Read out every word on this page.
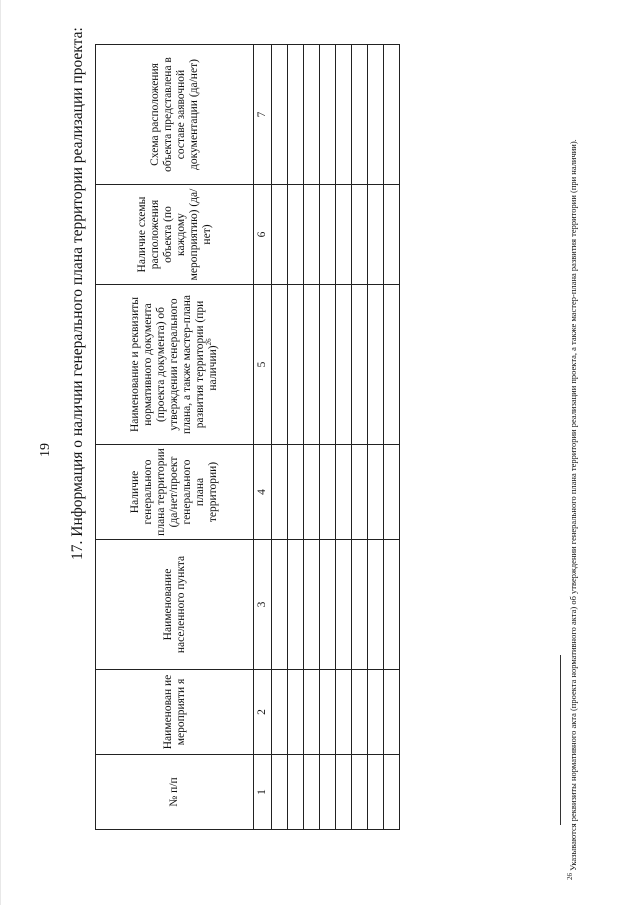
19 17. Информация о наличии генерального плана территории реализации проекта:
№ п/п	Наименован ие мероприяти я	Наименование населенного пункта	Наличие генерального плана территории (да/нет/проект генерального плана территории)	Наименование и реквизиты нормативного документа (проекта документа) об утверждении генерального плана, а также мастер-плана развития территории (при наличии)$^{26}$	Наличие схемы расположения объекта (по каждому мероприятию) (да/нет)	Схема расположения объекта представлена в составе заявочной документации (да/нет)
1	2	3	4	5	6	7

$^{26}$ Указываются реквизиты нормативного акта (проекта нормативного акта) об утверждении генерального плана территории реализации проекта, а также мастер-плана развития территории (при наличии).
